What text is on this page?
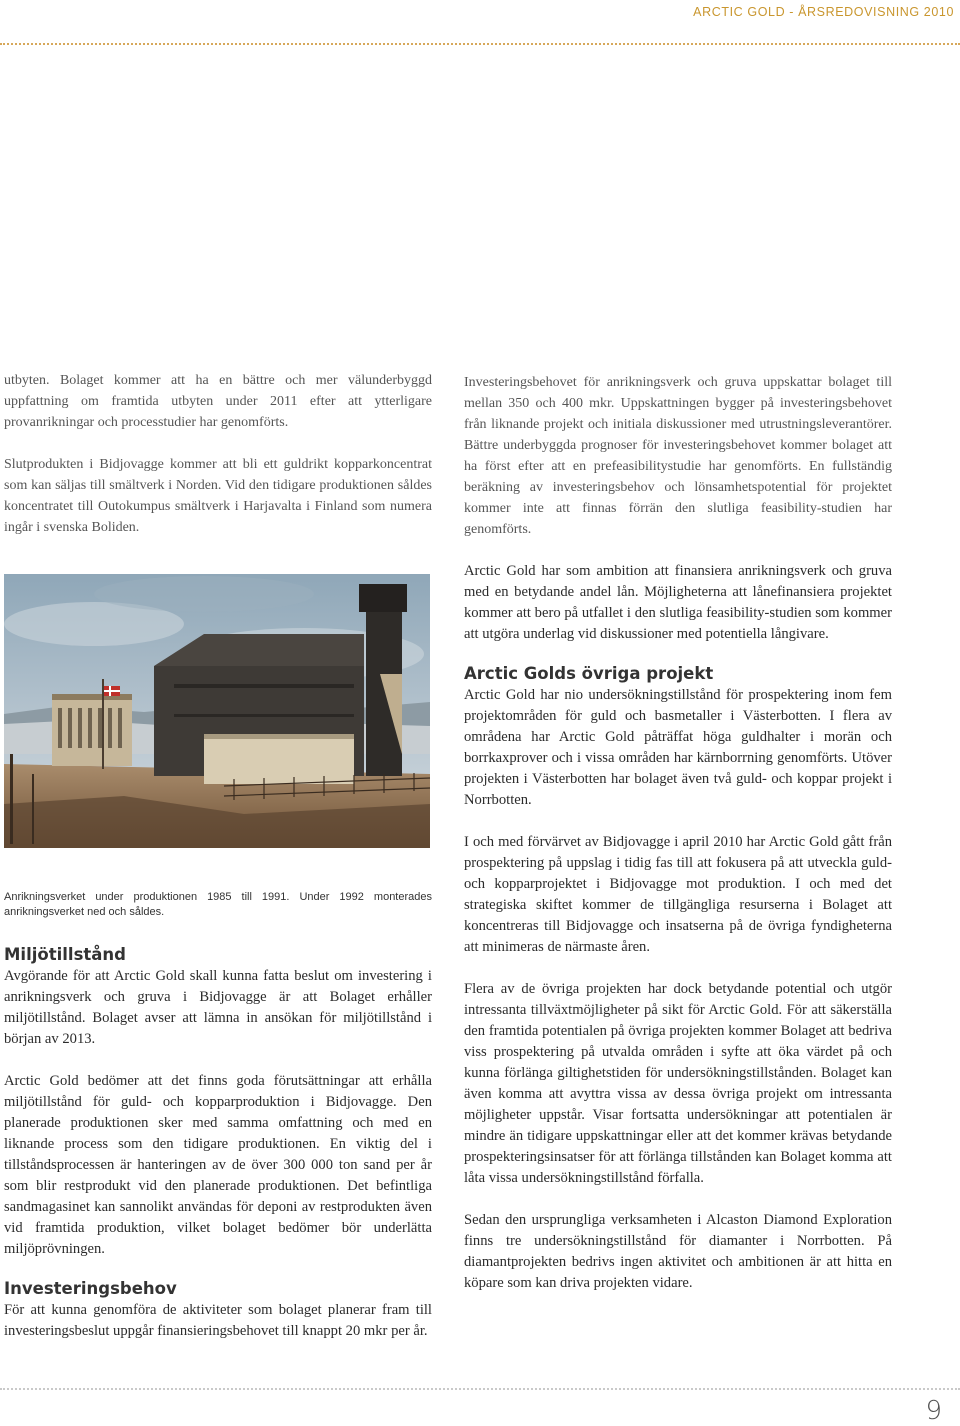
ARCTIC GOLD - ÅRSREDOVISNING 2010

utbyten. Bolaget kommer att ha en bättre och mer välunderbyggd uppfattning om framtida utbyten under 2011 efter att ytterligare provanrikningar och processtudier har genomförts.

Slutprodukten i Bidjovagge kommer att bli ett guldrikt kopparkoncentrat som kan säljas till smältverk i Norden. Vid den tidigare produktionen såldes koncentratet till Outokumpus smältverk i Harjavalta i Finland som numera ingår i svenska Boliden.

Anrikningsverket under produktionen 1985 till 1991. Under 1992 monterades anrikningsverket ned och såldes.

Miljötillstånd

Avgörande för att Arctic Gold skall kunna fatta beslut om investering i anrikningsverk och gruva i Bidjovagge är att Bolaget erhåller miljötillstånd. Bolaget avser att lämna in ansökan för miljötillstånd i början av 2013.

Arctic Gold bedömer att det finns goda förutsättningar att erhålla miljötillstånd för guld- och kopparproduktion i Bidjovagge. Den planerade produktionen sker med samma omfattning och med en liknande process som den tidigare produktionen. En viktig del i tillståndsprocessen är hanteringen av de över 300 000 ton sand per år som blir restprodukt vid den planerade produktionen. Det befintliga sandmagasinet kan sannolikt användas för deponi av restprodukten även vid framtida produktion, vilket bolaget bedömer bör underlätta miljöprövningen.

Investeringsbehov

För att kunna genomföra de aktiviteter som bolaget planerar fram till investeringsbeslut uppgår finansieringsbehovet till knappt 20 mkr per år.

Investeringsbehovet för anrikningsverk och gruva uppskattar bolaget till mellan 350 och 400 mkr. Uppskattningen bygger på investeringsbehovet från liknande projekt och initiala diskussioner med utrustningsleverantörer. Bättre underbyggda prognoser för investeringsbehovet kommer bolaget att ha först efter att en prefeasibilitystudie har genomförts. En fullständig beräkning av investeringsbehov och lönsamhetspotential för projektet kommer inte att finnas förrän den slutliga feasibility-studien har genomförts.

Arctic Gold har som ambition att finansiera anrikningsverk och gruva med en betydande andel lån. Möjligheterna att lånefinansiera projektet kommer att bero på utfallet i den slutliga feasibility-studien som kommer att utgöra underlag vid diskussioner med potentiella långivare.

Arctic Golds övriga projekt

Arctic Gold har nio undersökningstillstånd för prospektering inom fem projektområden för guld och basmetaller i Västerbotten. I flera av områdena har Arctic Gold påträffat höga guldhalter i morän och borrkaxprover och i vissa områden har kärnborrning genomförts. Utöver projekten i Västerbotten har bolaget även två guld- och koppar projekt i Norrbotten.

I och med förvärvet av Bidjovagge i april 2010 har Arctic Gold gått från prospektering på uppslag i tidig fas till att fokusera på att utveckla guld- och kopparprojektet i Bidjovagge mot produktion. I och med det strategiska skiftet kommer de tillgängliga resurserna i Bolaget att koncentreras till Bidjovagge och insatserna på de övriga fyndigheterna att minimeras de närmaste åren.

Flera av de övriga projekten har dock betydande potential och utgör intressanta tillväxtmöjligheter på sikt för Arctic Gold. För att säkerställa den framtida potentialen på övriga projekten kommer Bolaget att bedriva viss prospektering på utvalda områden i syfte att öka värdet på och kunna förlänga giltighetstiden för undersökningstillstånden. Bolaget kan även komma att avyttra vissa av dessa övriga projekt om intressanta möjligheter uppstår. Visar fortsatta undersökningar att potentialen är mindre än tidigare uppskattningar eller att det kommer krävas betydande prospekteringsinsatser för att förlänga tillstånden kan Bolaget komma att låta vissa undersökningstillstånd förfalla.

Sedan den ursprungliga verksamheten i Alcaston Diamond Exploration finns tre undersökningstillstånd för diamanter i Norrbotten. På diamantprojekten bedrivs ingen aktivitet och ambitionen är att hitta en köpare som kan driva projekten vidare.

9
